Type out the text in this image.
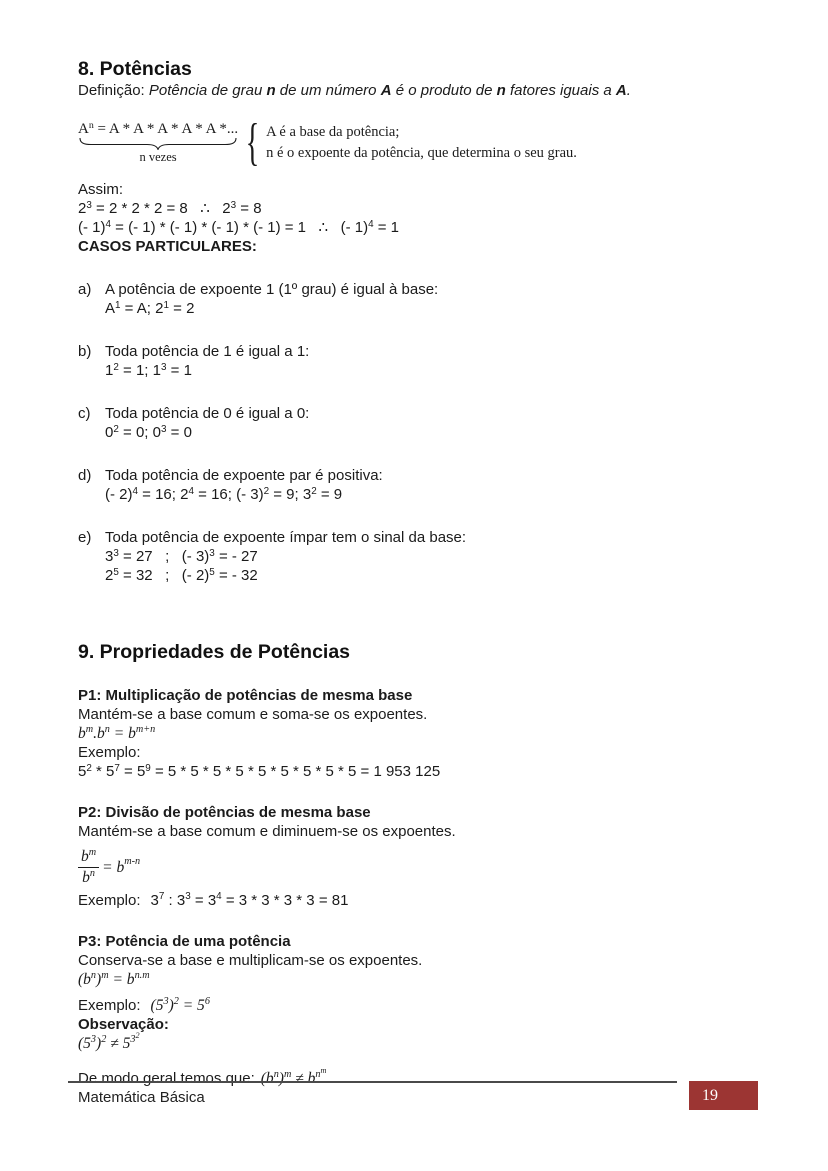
8. Potências

Definição: Potência de grau n de um número A é o produto de n fatores iguais a A.

$A^n = A * A * A * A * A$ *...
n vezes	{ A é a base da potência;
n é o expoente da potência, que determina o seu grau.

Assim:

$2^3 = 2 * 2 * 2 = 8$   ∴   $2^3 = 8$

(- 1)$^4$ = (- 1) * (- 1) * (- 1) * (- 1) = 1   ∴   (- 1)$^4$ = 1

CASOS PARTICULARES:

a) A potência de expoente 1 (1º grau) é igual à base:

$A^1 = A$; $2^1 = 2$

b) Toda potência de 1 é igual a 1:

$1^2 = 1$; $1^3 = 1$

c) Toda potência de 0 é igual a 0:

$0^2 = 0$; $0^3 = 0$

d) Toda potência de expoente par é positiva:

(- 2)$^4$ = 16; $2^4 = 16$; (- 3)$^2$ = 9; $3^2 = 9$

e) Toda potência de expoente ímpar tem o sinal da base:

$3^3 = 27$   ;   (- 3)$^3$ = - 27

$2^5 = 32$   ;   (- 2)$^5$ = - 32

9. Propriedades de Potências

P1: Multiplicação de potências de mesma base

Mantém-se a base comum e soma-se os expoentes.

$b^m.b^n = b^{m+n}$

Exemplo:

$5^2 * 5^7 = 5^9 = 5 * 5 * 5 * 5 * 5 * 5 * 5 * 5 * 5 = 1$ 953 125

P2: Divisão de potências de mesma base

Mantém-se a base comum e diminuem-se os expoentes.

$\frac{b^m}{b^n} = b^{m-n}$
Exemplo: $3^7$ : $3^3 = 3^4 = 3 * 3 * 3 * 3 = 81$

P3: Potência de uma potência

Conserva-se a base e multiplicam-se os expoentes.

$(b^n)^m = b^{n.m}$

Exemplo: $(5^3)^2 = 5^6$

Observação:

$(5^3)^2 \ne 5^{3^2}$

De modo geral temos que: $(b^n)^m \ne b^{n^m}$
Matemática Básica	19
